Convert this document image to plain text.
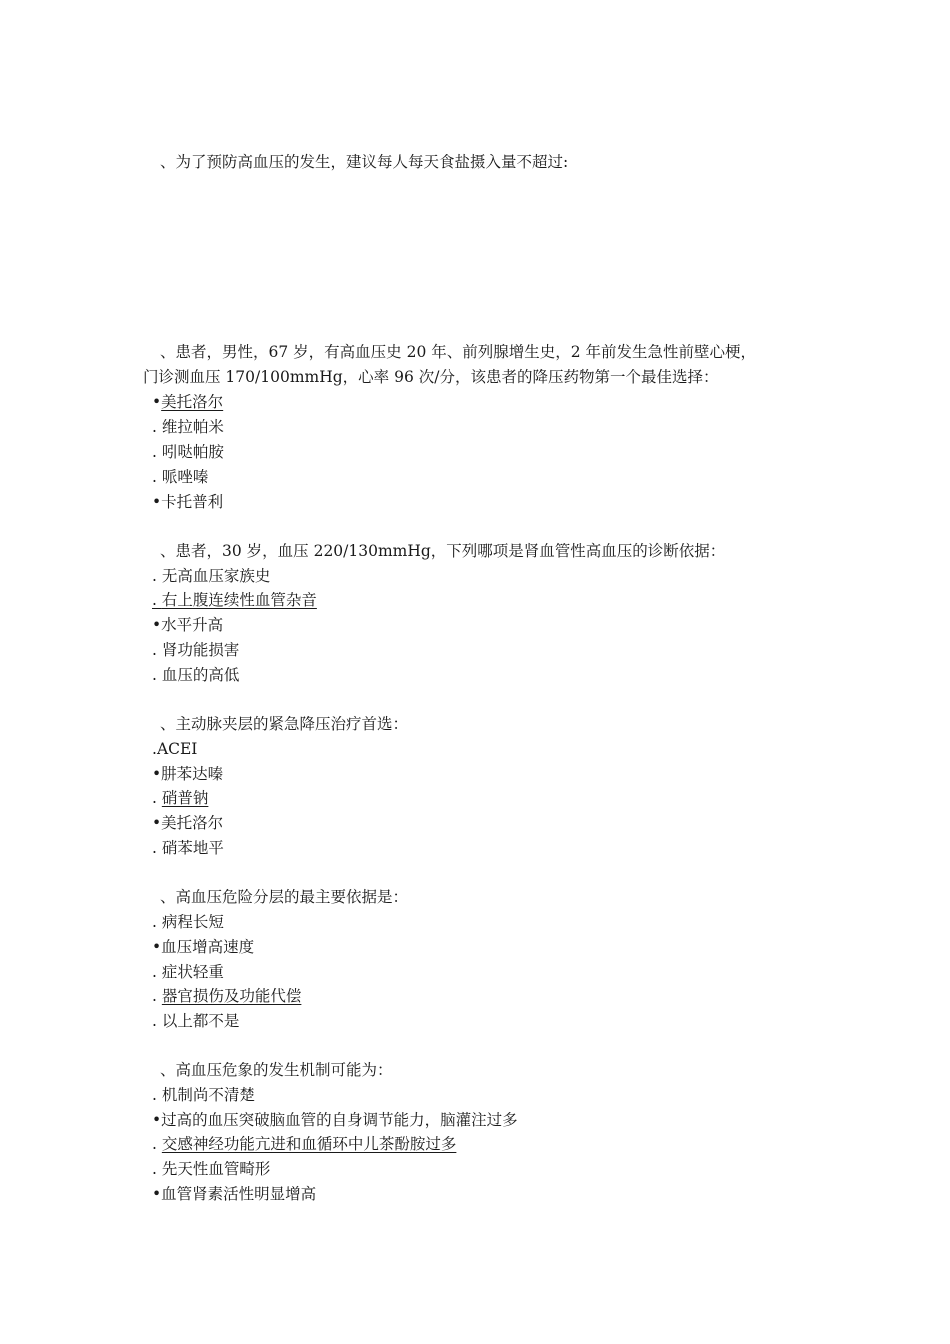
、为了预防高血压的发生，建议每人每天食盐摄入量不超过:
、患者，男性，67 岁，有高血压史 20 年、前列腺增生史，2 年前发生急性前壁心梗，
门诊测血压 170/100mmHg，心率 96 次/分，该患者的降压药物第一个最佳选择：
•美托洛尔
. 维拉帕米
. 吲哒帕胺
. 哌唑嗪
•卡托普利
、患者，30 岁，血压 220/130mmHg，下列哪项是肾血管性高血压的诊断依据：
. 无高血压家族史
. 右上腹连续性血管杂音
•水平升高
. 肾功能损害
. 血压的高低
、主动脉夹层的紧急降压治疗首选：
.ACEI
•肼苯达嗪
. 硝普钠
•美托洛尔
. 硝苯地平
、高血压危险分层的最主要依据是：
. 病程长短
•血压增高速度
. 症状轻重
. 器官损伤及功能代偿
. 以上都不是
、高血压危象的发生机制可能为：
. 机制尚不清楚
•过高的血压突破脑血管的自身调节能力，脑灌注过多
. 交感神经功能亢进和血循环中儿茶酚胺过多
. 先天性血管畸形
•血管肾素活性明显增高
